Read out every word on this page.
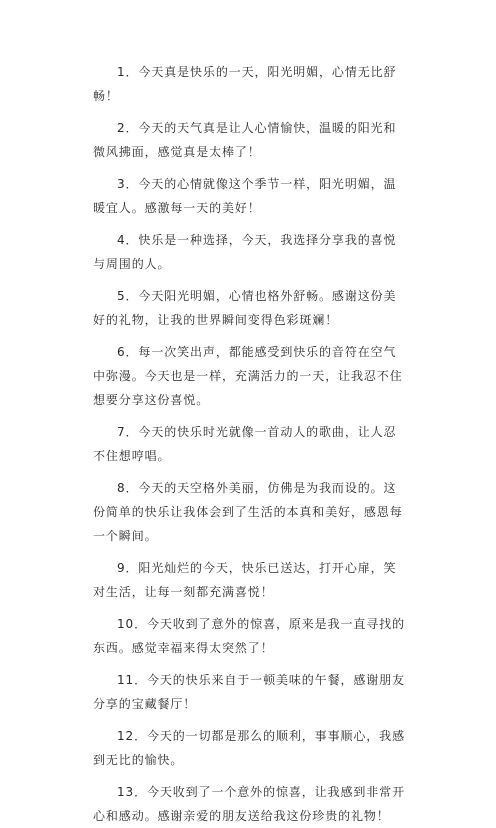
1．今天真是快乐的一天，阳光明媚，心情无比舒畅！

2．今天的天气真是让人心情愉快，温暖的阳光和微风拂面，感觉真是太棒了！

3．今天的心情就像这个季节一样，阳光明媚，温暖宜人。感激每一天的美好！

4．快乐是一种选择，今天，我选择分享我的喜悦与周围的人。

5．今天阳光明媚，心情也格外舒畅。感谢这份美好的礼物，让我的世界瞬间变得色彩斑斓！

6．每一次笑出声，都能感受到快乐的音符在空气中弥漫。今天也是一样，充满活力的一天，让我忍不住想要分享这份喜悦。

7．今天的快乐时光就像一首动人的歌曲，让人忍不住想哼唱。

8．今天的天空格外美丽，仿佛是为我而设的。这份简单的快乐让我体会到了生活的本真和美好，感恩每一个瞬间。

9．阳光灿烂的今天，快乐已送达，打开心扉，笑对生活，让每一刻都充满喜悦！

10．今天收到了意外的惊喜，原来是我一直寻找的东西。感觉幸福来得太突然了！

11．今天的快乐来自于一顿美味的午餐，感谢朋友分享的宝藏餐厅！

12．今天的一切都是那么的顺利，事事顺心，我感到无比的愉快。

13．今天收到了一个意外的惊喜，让我感到非常开心和感动。感谢亲爱的朋友送给我这份珍贵的礼物！
